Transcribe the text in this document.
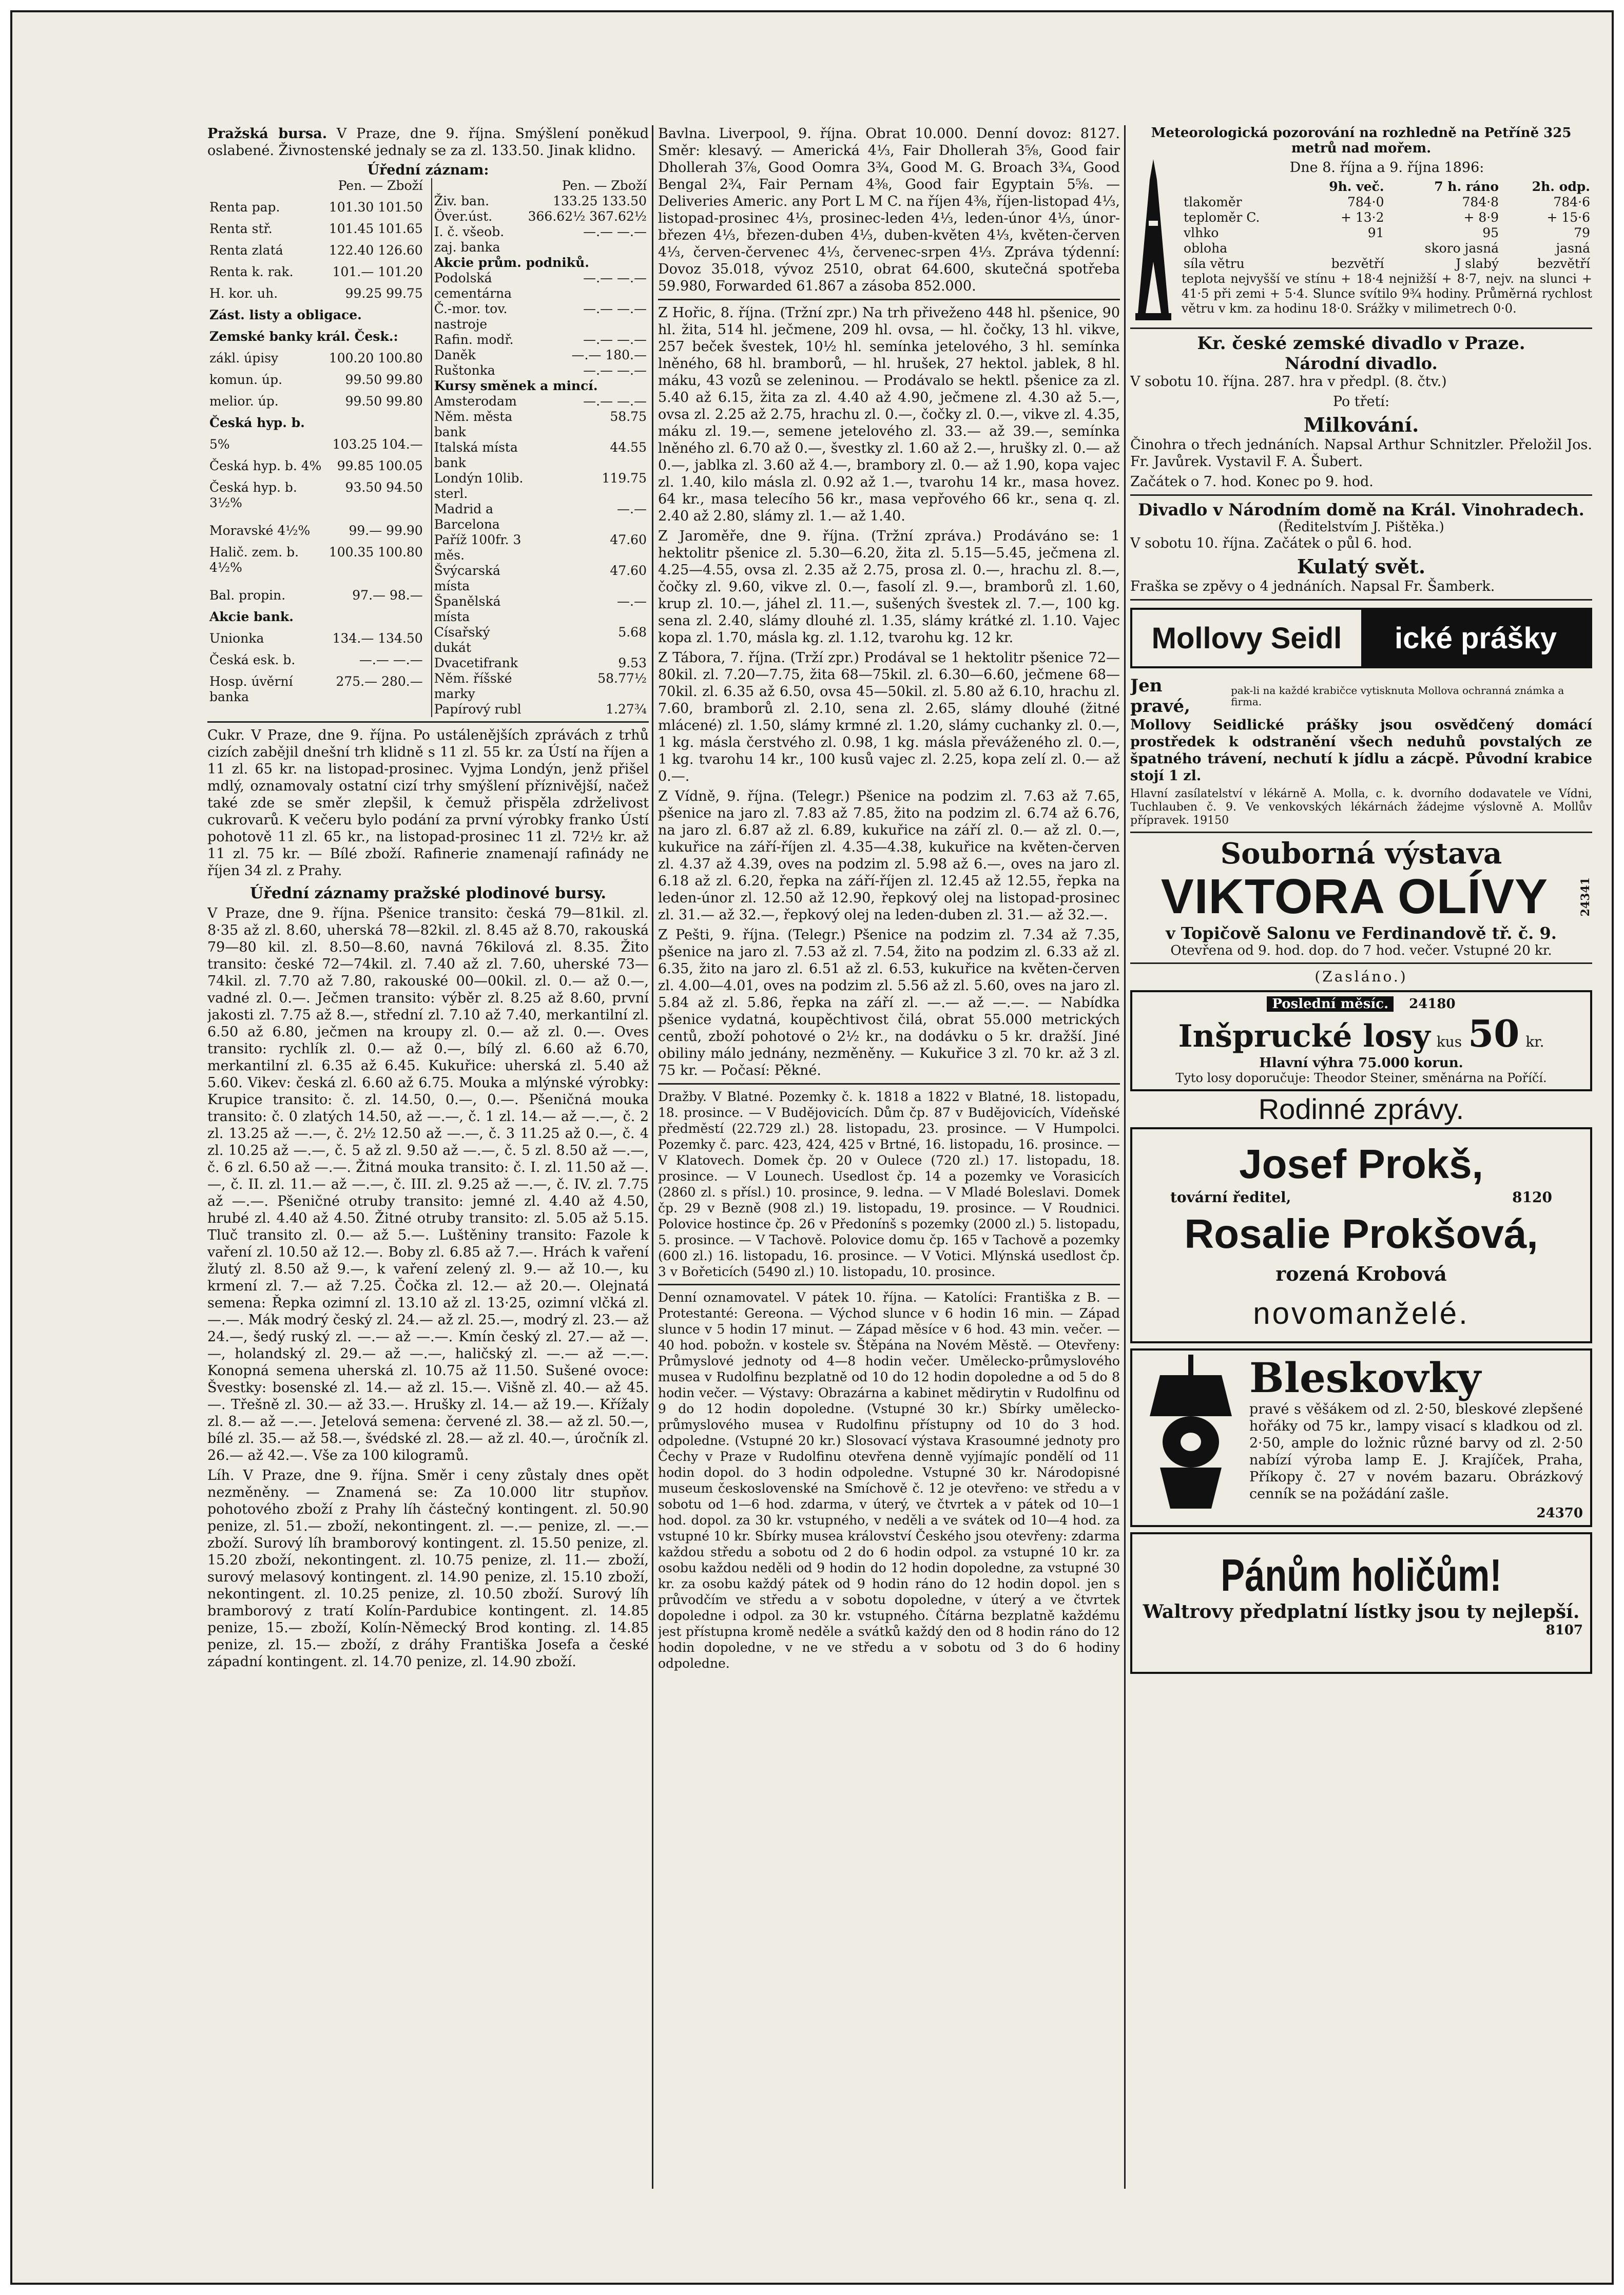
Pražská bursa. V Praze, dne 9. října. Smýšlení poněkud oslabené. Živnostenské jednaly se za zl. 133.50. Jinak klidno.

Úřední záznam:
	Pen. — Zboží
Renta pap.	101.30 101.50
Renta stř.	101.45 101.65
Renta zlatá	122.40 126.60
Renta k. rak.	101.— 101.20
H. kor. uh.	99.25 99.75
Zást. listy a obligace.	
Zemské banky král. Česk.:	
zákl. úpisy	100.20 100.80
komun. úp.	99.50 99.80
melior. úp.	99.50 99.80
Česká hyp. b.	
5%	103.25 104.—
Česká hyp. b. 4%	99.85 100.05
Česká hyp. b. 3½%	93.50 94.50
Moravské 4½%	99.— 99.90
Halič. zem. b. 4½%	100.35 100.80
Bal. propin.	97.— 98.—
Akcie bank.	
Unionka	134.— 134.50
Česká esk. b.	—.— —.—
Hosp. úvěrní banka	275.— 280.—
	Pen. — Zboží
Živ. ban.	133.25 133.50
Över.úst.	366.62½ 367.62½
I. č. všeob. zaj. banka	—.— —.—
Akcie prům. podniků.	
Podolská cementárna	—.— —.—
Č.-mor. tov. nastroje	—.— —.—
Rafin. modř.	—.— —.—
Daněk	—.— 180.—
Ruštonka	—.— —.—
Kursy směnek a mincí.	
Amsterodam	—.— —.—
Něm. města bank	58.75
Italská místa bank	44.55
Londýn 10lib. sterl.	119.75
Madrid a Barcelona	—.—
Paříž 100fr. 3 měs.	47.60
Švýcarská místa	47.60
Španělská místa	—.—
Císařský dukát	5.68
Dvacetifrank	9.53
Něm. říšské marky	58.77½
Papírový rubl	1.27¾

Cukr. V Praze, dne 9. října. Po ustálenějších zprávách z trhů cizích zabějil dnešní trh klidně s 11 zl. 55 kr. za Ústí na říjen a 11 zl. 65 kr. na listopad-prosinec. Vyjma Londýn, jenž přišel mdlý, oznamovaly ostatní cizí trhy smýšlení příznivější, načež také zde se směr zlepšil, k čemuž přispěla zdrželivost cukrovarů. K večeru bylo podání za první výrobky franko Ústí pohotově 11 zl. 65 kr., na listopad-prosinec 11 zl. 72½ kr. až 11 zl. 75 kr. — Bílé zboží. Rafinerie znamenají rafinády ne říjen 34 zl. z Prahy.

Úřední záznamy pražské plodinové bursy.

V Praze, dne 9. října. Pšenice transito: česká 79—81kil. zl. 8·35 až zl. 8.60, uherská 78—82kil. zl. 8.45 až 8.70, rakouská 79—80 kil. zl. 8.50—8.60, navná 76kilová zl. 8.35. Žito transito: české 72—74kil. zl. 7.40 až zl. 7.60, uherské 73—74kil. zl. 7.70 až 7.80, rakouské 00—00kil. zl. 0.— až 0.—, vadné zl. 0.—. Ječmen transito: výběr zl. 8.25 až 8.60, první jakosti zl. 7.75 až 8.—, střední zl. 7.10 až 7.40, merkantilní zl. 6.50 až 6.80, ječmen na kroupy zl. 0.— až zl. 0.—. Oves transito: rychlík zl. 0.— až 0.—, bílý zl. 6.60 až 6.70, merkantilní zl. 6.35 až 6.45. Kukuřice: uherská zl. 5.40 až 5.60. Vikev: česká zl. 6.60 až 6.75. Mouka a mlýnské výrobky: Krupice transito: č. zl. 14.50, 0.—, 0.—. Pšeničná mouka transito: č. 0 zlatých 14.50, až —.—, č. 1 zl. 14.— až —.—, č. 2 zl. 13.25 až —.—, č. 2½ 12.50 až —.—, č. 3 11.25 až 0.—, č. 4 zl. 10.25 až —.—, č. 5 až zl. 9.50 až —.—, č. 5 zl. 8.50 až —.—, č. 6 zl. 6.50 až —.—. Žitná mouka transito: č. I. zl. 11.50 až —.—, č. II. zl. 11.— až —.—, č. III. zl. 9.25 až —.—, č. IV. zl. 7.75 až —.—. Pšeničné otruby transito: jemné zl. 4.40 až 4.50, hrubé zl. 4.40 až 4.50. Žitné otruby transito: zl. 5.05 až 5.15. Tluč transito zl. 0.— až 5.—. Luštěniny transito: Fazole k vaření zl. 10.50 až 12.—. Boby zl. 6.85 až 7.—. Hrách k vaření žlutý zl. 8.50 až 9.—, k vaření zelený zl. 9.— až 10.—, ku krmení zl. 7.— až 7.25. Čočka zl. 12.— až 20.—. Olejnatá semena: Řepka ozimní zl. 13.10 až zl. 13·25, ozimní vlčká zl. —.—. Mák modrý český zl. 24.— až zl. 25.—, modrý zl. 23.— až 24.—, šedý ruský zl. —.— až —.—. Kmín český zl. 27.— až —.—, holandský zl. 29.— až —.—, haličský zl. —.— až —.—. Konopná semena uherská zl. 10.75 až 11.50. Sušené ovoce: Švestky: bosenské zl. 14.— až zl. 15.—. Višně zl. 40.— až 45.—. Třešně zl. 30.— až 33.—. Hrušky zl. 14.— až 19.—. Křížaly zl. 8.— až —.—. Jetelová semena: červené zl. 38.— až zl. 50.—, bílé zl. 35.— až 58.—, švédské zl. 28.— až zl. 40.—, úročník zl. 26.— až 42.—. Vše za 100 kilogramů.

Líh. V Praze, dne 9. října. Směr i ceny zůstaly dnes opět nezměněny. — Znamená se: Za 10.000 litr stupňov. pohotového zboží z Prahy líh částečný kontingent. zl. 50.90 penize, zl. 51.— zboží, nekontingent. zl. —.— penize, zl. —.— zboží. Surový líh bramborový kontingent. zl. 15.50 penize, zl. 15.20 zboží, nekontingent. zl. 10.75 penize, zl. 11.— zboží, surový melasový kontingent. zl. 14.90 penize, zl. 15.10 zboží, nekontingent. zl. 10.25 penize, zl. 10.50 zboží. Surový líh bramborový z tratí Kolín-Pardubice kontingent. zl. 14.85 penize, 15.— zboží, Kolín-Německý Brod konting. zl. 14.85 penize, zl. 15.— zboží, z dráhy Františka Josefa a české západní kontingent. zl. 14.70 penize, zl. 14.90 zboží.

Bavlna. Liverpool, 9. října. Obrat 10.000. Denní dovoz: 8127. Směr: klesavý. — Americká 4⅓, Fair Dhollerah 3⅝, Good fair Dhollerah 3⅞, Good Oomra 3¾, Good M. G. Broach 3¾, Good Bengal 2¾, Fair Pernam 4⅜, Good fair Egyptain 5⅝. — Deliveries Americ. any Port L M C. na říjen 4⅜, říjen-listopad 4⅓, listopad-prosinec 4⅓, prosinec-leden 4⅓, leden-únor 4⅓, únor-březen 4⅓, březen-duben 4⅓, duben-květen 4⅓, květen-červen 4⅓, červen-červenec 4⅓, červenec-srpen 4⅓. Zpráva týdenní: Dovoz 35.018, vývoz 2510, obrat 64.600, skutečná spotřeba 59.980, Forwarded 61.867 a zásoba 852.000.

Z Hořic, 8. října. (Tržní zpr.) Na trh přiveženo 448 hl. pšenice, 90 hl. žita, 514 hl. ječmene, 209 hl. ovsa, — hl. čočky, 13 hl. vikve, 257 beček švestek, 10½ hl. semínka jetelového, 3 hl. semínka lněného, 68 hl. bramborů, — hl. hrušek, 27 hektol. jablek, 8 hl. máku, 43 vozů se zeleninou. — Prodávalo se hektl. pšenice za zl. 5.40 až 6.15, žita za zl. 4.40 až 4.90, ječmene zl. 4.30 až 5.—, ovsa zl. 2.25 až 2.75, hrachu zl. 0.—, čočky zl. 0.—, vikve zl. 4.35, máku zl. 19.—, semene jetelového zl. 33.— až 39.—, semínka lněného zl. 6.70 až 0.—, švestky zl. 1.60 až 2.—, hrušky zl. 0.— až 0.—, jablka zl. 3.60 až 4.—, brambory zl. 0.— až 1.90, kopa vajec zl. 1.40, kilo másla zl. 0.92 až 1.—, tvarohu 14 kr., masa hovez. 64 kr., masa telecího 56 kr., masa vepřového 66 kr., sena q. zl. 2.40 až 2.80, slámy zl. 1.— až 1.40.

Z Jaroměře, dne 9. října. (Tržní zpráva.) Prodáváno se: 1 hektolitr pšenice zl. 5.30—6.20, žita zl. 5.15—5.45, ječmena zl. 4.25—4.55, ovsa zl. 2.35 až 2.75, prosa zl. 0.—, hrachu zl. 8.—, čočky zl. 9.60, vikve zl. 0.—, fasolí zl. 9.—, bramborů zl. 1.60, krup zl. 10.—, jáhel zl. 11.—, sušených švestek zl. 7.—, 100 kg. sena zl. 2.40, slámy dlouhé zl. 1.35, slámy krátké zl. 1.10. Vajec kopa zl. 1.70, másla kg. zl. 1.12, tvarohu kg. 12 kr.

Z Tábora, 7. října. (Trží zpr.) Prodával se 1 hektolitr pšenice 72—80kil. zl. 7.20—7.75, žita 68—75kil. zl. 6.30—6.60, ječmene 68—70kil. zl. 6.35 až 6.50, ovsa 45—50kil. zl. 5.80 až 6.10, hrachu zl. 7.60, bramborů zl. 2.10, sena zl. 2.65, slámy dlouhé (žitné mlácené) zl. 1.50, slámy krmné zl. 1.20, slámy cuchanky zl. 0.—, 1 kg. másla čerstvého zl. 0.98, 1 kg. másla převáženého zl. 0.—, 1 kg. tvarohu 14 kr., 100 kusů vajec zl. 2.25, kopa zelí zl. 0.— až 0.—.

Z Vídně, 9. října. (Telegr.) Pšenice na podzim zl. 7.63 až 7.65, pšenice na jaro zl. 7.83 až 7.85, žito na podzim zl. 6.74 až 6.76, na jaro zl. 6.87 až zl. 6.89, kukuřice na září zl. 0.— až zl. 0.—, kukuřice na září-říjen zl. 4.35—4.38, kukuřice na květen-červen zl. 4.37 až 4.39, oves na podzim zl. 5.98 až 6.—, oves na jaro zl. 6.18 až zl. 6.20, řepka na září-říjen zl. 12.45 až 12.55, řepka na leden-únor zl. 12.50 až 12.90, řepkový olej na listopad-prosinec zl. 31.— až 32.—, řepkový olej na leden-duben zl. 31.— až 32.—.

Z Pešti, 9. října. (Telegr.) Pšenice na podzim zl. 7.34 až 7.35, pšenice na jaro zl. 7.53 až zl. 7.54, žito na podzim zl. 6.33 až zl. 6.35, žito na jaro zl. 6.51 až zl. 6.53, kukuřice na květen-červen zl. 4.00—4.01, oves na podzim zl. 5.56 až zl. 5.60, oves na jaro zl. 5.84 až zl. 5.86, řepka na září zl. —.— až —.—. — Nabídka pšenice vydatná, koupěchtivost čilá, obrat 55.000 metrických centů, zboží pohotové o 2½ kr., na dodávku o 5 kr. dražší. Jiné obiliny málo jednány, nezměněny. — Kukuřice 3 zl. 70 kr. až 3 zl. 75 kr. — Počasí: Pěkné.

Dražby. V Blatné. Pozemky č. k. 1818 a 1822 v Blatné, 18. listopadu, 18. prosince. — V Budějovicích. Dům čp. 87 v Budějovicích, Vídeňské předměstí (22.729 zl.) 28. listopadu, 23. prosince. — V Humpolci. Pozemky č. parc. 423, 424, 425 v Brtné, 16. listopadu, 16. prosince. — V Klatovech. Domek čp. 20 v Oulece (720 zl.) 17. listopadu, 18. prosince. — V Lounech. Usedlost čp. 14 a pozemky ve Vorasicích (2860 zl. s přísl.) 10. prosince, 9. ledna. — V Mladé Boleslavi. Domek čp. 29 v Bezně (908 zl.) 19. listopadu, 19. prosince. — V Roudnici. Polovice hostince čp. 26 v Předonínš s pozemky (2000 zl.) 5. listopadu, 5. prosince. — V Tachově. Polovice domu čp. 165 v Tachově a pozemky (600 zl.) 16. listopadu, 16. prosince. — V Votici. Mlýnská usedlost čp. 3 v Bořeticích (5490 zl.) 10. listopadu, 10. prosince.

Denní oznamovatel. V pátek 10. října. — Katolíci: Františka z B. — Protestanté: Gereona. — Východ slunce v 6 hodin 16 min. — Západ slunce v 5 hodin 17 minut. — Západ měsíce v 6 hod. 43 min. večer. — 40 hod. pobožn. v kostele sv. Štěpána na Novém Městě. — Otevřeny: Průmyslové jednoty od 4—8 hodin večer. Umělecko-průmyslového musea v Rudolfinu bezplatně od 10 do 12 hodin dopoledne a od 5 do 8 hodin večer. — Výstavy: Obrazárna a kabinet mědirytin v Rudolfinu od 9 do 12 hodin dopoledne. (Vstupné 30 kr.) Sbírky umělecko-průmyslového musea v Rudolfinu přístupny od 10 do 3 hod. odpoledne. (Vstupné 20 kr.) Slosovací výstava Krasoumné jednoty pro Čechy v Praze v Rudolfinu otevřena denně vyjímajíc pondělí od 11 hodin dopol. do 3 hodin odpoledne. Vstupné 30 kr. Národopisné museum československé na Smíchově č. 12 je otevřeno: ve středu a v sobotu od 1—6 hod. zdarma, v úterý, ve čtvrtek a v pátek od 10—1 hod. dopol. za 30 kr. vstupného, v neděli a ve svátek od 10—4 hod. za vstupné 10 kr. Sbírky musea království Českého jsou otevřeny: zdarma každou středu a sobotu od 2 do 6 hodin odpol. za vstupné 10 kr. za osobu každou neděli od 9 hodin do 12 hodin dopoledne, za vstupné 30 kr. za osobu každý pátek od 9 hodin ráno do 12 hodin dopol. jen s průvodčím ve středu a v sobotu dopoledne, v úterý a ve čtvrtek dopoledne i odpol. za 30 kr. vstupného. Čítárna bezplatně každému jest přístupna kromě neděle a svátků každý den od 8 hodin ráno do 12 hodin dopoledne, v ne ve středu a v sobotu od 3 do 6 hodiny odpoledne.

Meteorologická pozorování na rozhledně na Petříně 325 metrů nad mořem.
Dne 8. října a 9. října 1896:
	9h. več.	7 h. ráno	2h. odp.
tlakoměr	784·0	784·8	784·6
teploměr C.	+ 13·2	+ 8·9	+ 15·6
vlhko	91	95	79
obloha		skoro jasná	jasná
síla větru	bezvětří	J slabý	bezvětří

teplota nejvyšší ve stínu + 18·4 nejnižší + 8·7, nejv. na slunci + 41·5 při zemi + 5·4. Slunce svítilo 9¾ hodiny. Průměrná rychlost větru v km. za hodinu 18·0. Srážky v milimetrech 0·0.

Kr. české zemské divadlo v Praze.
Národní divadlo.
V sobotu 10. října. 287. hra v předpl. (8. čtv.)
Po třetí:
Milkování.
Činohra o třech jednáních. Napsal Arthur Schnitzler. Přeložil Jos. Fr. Javůrek. Vystavil F. A. Šubert.
Začátek o 7. hod. Konec po 9. hod.
Divadlo v Národním domě na Král. Vinohradech.
(Ředitelstvím J. Pištěka.)
V sobotu 10. října. Začátek o půl 6. hod.
Kulatý svět.
Fraška se zpěvy o 4 jednáních. Napsal Fr. Šamberk.
Mollovy Seidl	ické prášky
Jen pravé,
pak-li na každé krabičce vytisknuta Mollova ochranná známka a firma.

Mollovy Seidlické prášky jsou osvědčený domácí prostředek k odstranění všech neduhů povstalých ze špatného trávení, nechutí k jídlu a zácpě. Původní krabice stojí 1 zl.

Hlavní zasílatelství v lékárně A. Molla, c. k. dvorního dodavatele ve Vídni, Tuchlauben č. 9. Ve venkovských lékárnách žádejme výslovně A. Mollův přípravek. 19150

Souborná výstava
VIKTORA OLÍVY	24341
v Topičově Salonu ve Ferdinandově tř. č. 9.
Otevřena od 9. hod. dop. do 7 hod. večer. Vstupné 20 kr.
(Zasláno.)
Poslední měsíc.	24180
Inšprucké losy kus 50 kr.
Hlavní výhra 75.000 korun.
Tyto losy doporučuje: Theodor Steiner, směnárna na Poříčí.
Rodinné zprávy.
Josef Prokš,
tovární ředitel,	8120
Rosalie Prokšová,
rozená Krobová
novomanželé.
Bleskovky

pravé s věšákem od zl. 2·50, bleskové zlepšené hořáky od 75 kr., lampy visací s kladkou od zl. 2·50, ample do ložnic různé barvy od zl. 2·50 nabízí výroba lamp E. J. Krajíček, Praha, Příkopy č. 27 v novém bazaru. Obrázkový cenník se na požádání zašle.

24370
Pánům holičům!
Waltrovy předplatní lístky jsou ty nejlepší.
8107
